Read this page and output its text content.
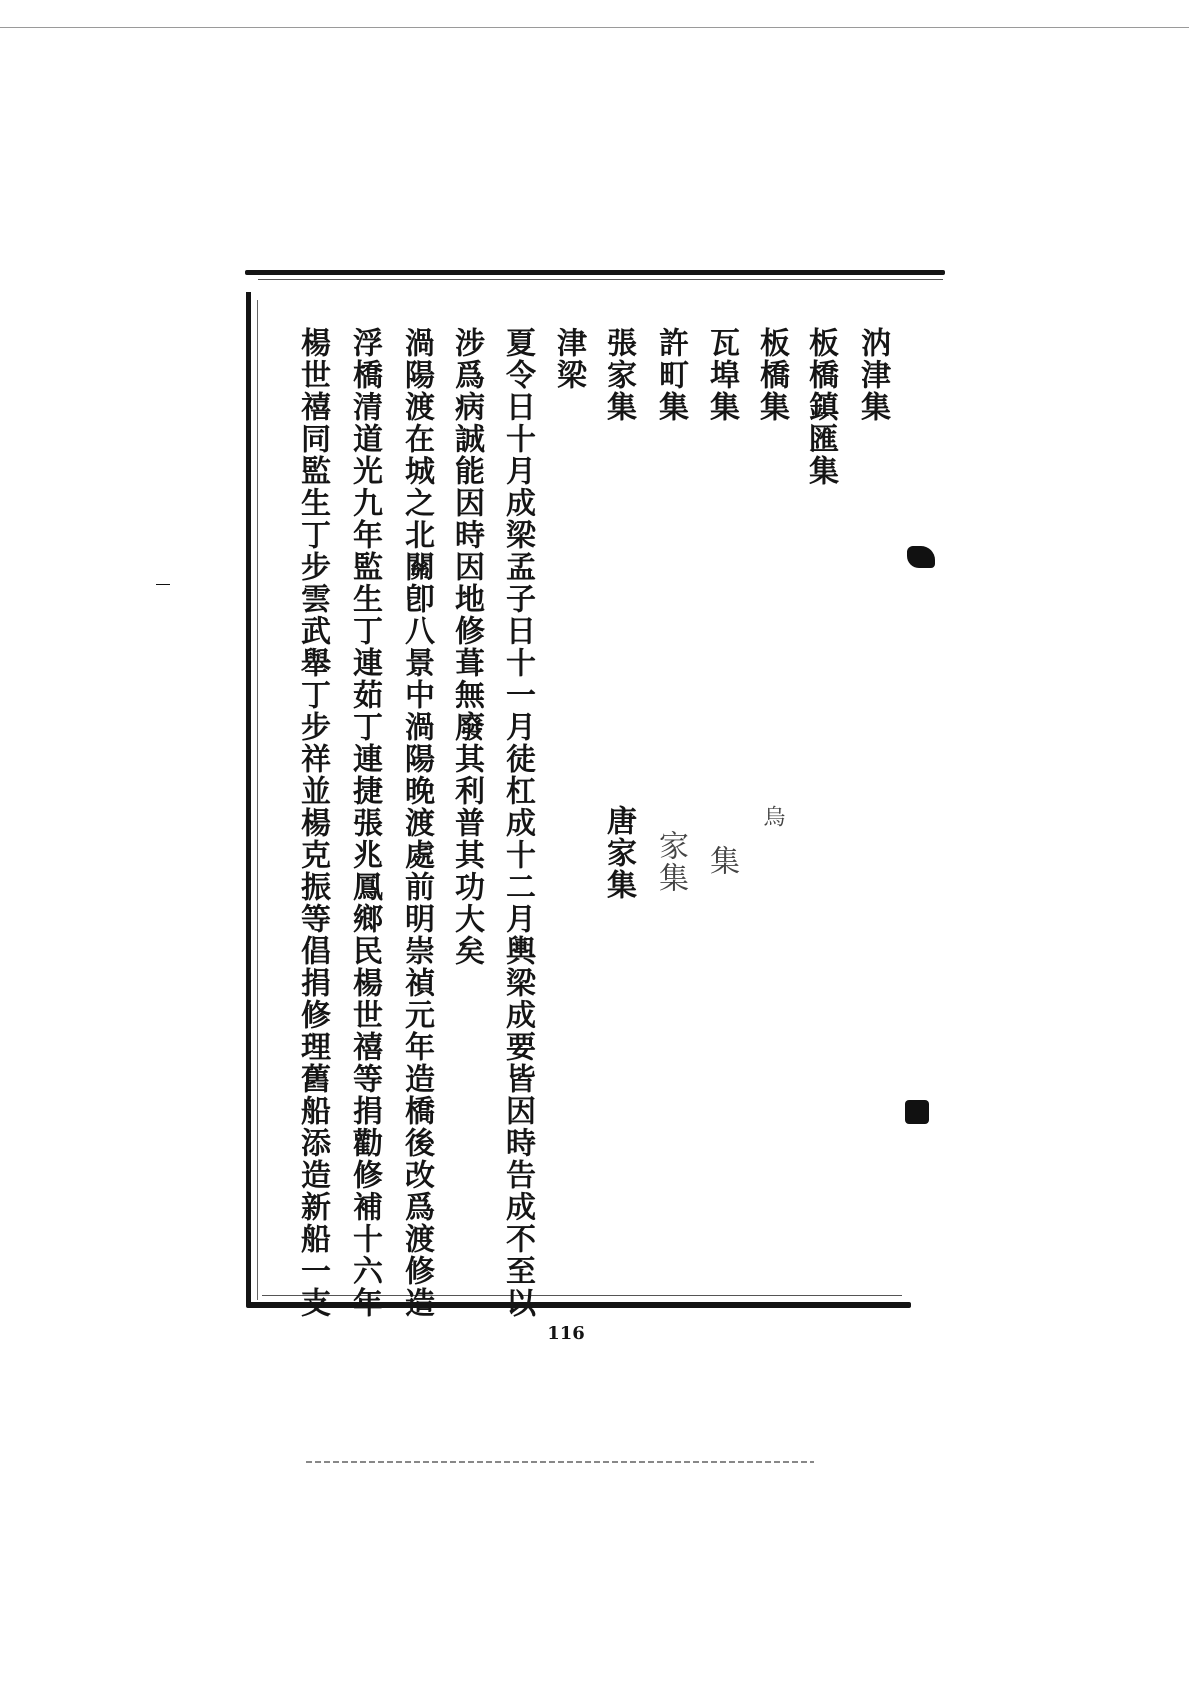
汭津集
板橋鎮匯集
板橋集
瓦埠集
許町集
張家集
津梁
夏令日十月成梁孟子日十一月徒杠成十二月輿梁成要皆因時告成不至以
涉爲病誠能因時因地修葺無廢其利普其功大矣
渦陽渡在城之北關卽八景中渦陽晚渡處前明崇禎元年造橋後改爲渡修造
浮橋清道光九年監生丁連茹丁連捷張兆鳳鄉民楊世禧等捐勸修補十六年
楊世禧同監生丁步雲武舉丁步祥並楊克振等倡捐修理舊船添造新船一支	唐家集 家集 集
烏
116
